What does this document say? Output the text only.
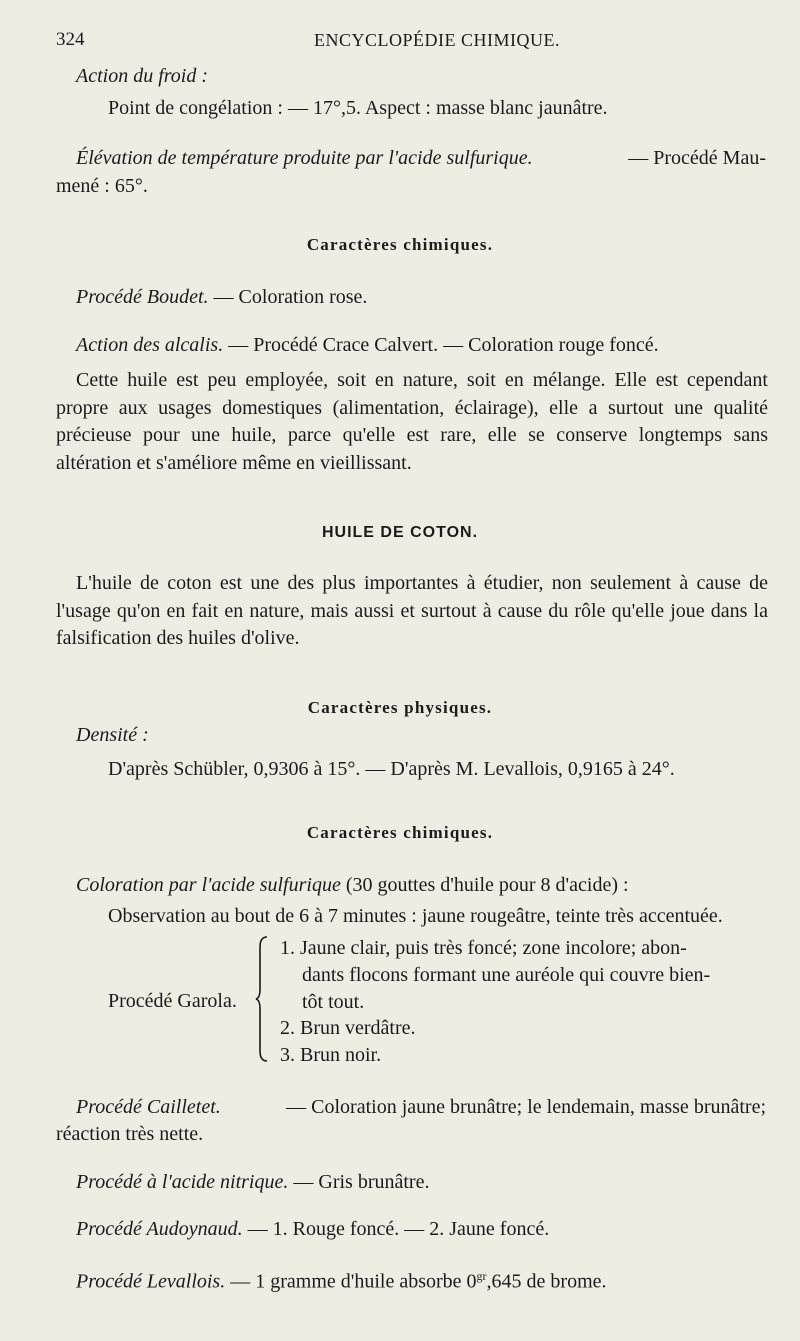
324	ENCYCLOPÉDIE CHIMIQUE.
Action du froid :
Point de congélation : — 17°,5. Aspect : masse blanc jaunâtre.
Élévation de température produite par l'acide sulfurique.	— Procédé Mau-
mené : 65°.
Caractères chimiques.
Procédé Boudet. — Coloration rose.
Action des alcalis. — Procédé Crace Calvert. — Coloration rouge foncé.
Cette huile est peu employée, soit en nature, soit en mélange. Elle est cependant propre aux usages domestiques (alimentation, éclairage), elle a surtout une qualité précieuse pour une huile, parce qu'elle est rare, elle se conserve longtemps sans altération et s'améliore même en vieillissant.
HUILE DE COTON.
L'huile de coton est une des plus importantes à étudier, non seulement à cause de l'usage qu'on en fait en nature, mais aussi et surtout à cause du rôle qu'elle joue dans la falsification des huiles d'olive.
Caractères physiques.
Densité :
D'après Schübler, 0,9306 à 15°. — D'après M. Levallois, 0,9165 à 24°.
Caractères chimiques.
Coloration par l'acide sulfurique (30 gouttes d'huile pour 8 d'acide) :
Observation au bout de 6 à 7 minutes : jaune rougeâtre, teinte très accentuée.
Procédé Garola.
1. Jaune clair, puis très foncé; zone incolore; abon-
dants flocons formant une auréole qui couvre bien-
tôt tout.
2. Brun verdâtre.
3. Brun noir.
Procédé Cailletet.	— Coloration jaune brunâtre; le lendemain, masse brunâtre;
réaction très nette.
Procédé à l'acide nitrique. — Gris brunâtre.
Procédé Audoynaud. — 1. Rouge foncé. — 2. Jaune foncé.
Procédé Levallois. — 1 gramme d'huile absorbe $0^{gr},645$ de brome.
